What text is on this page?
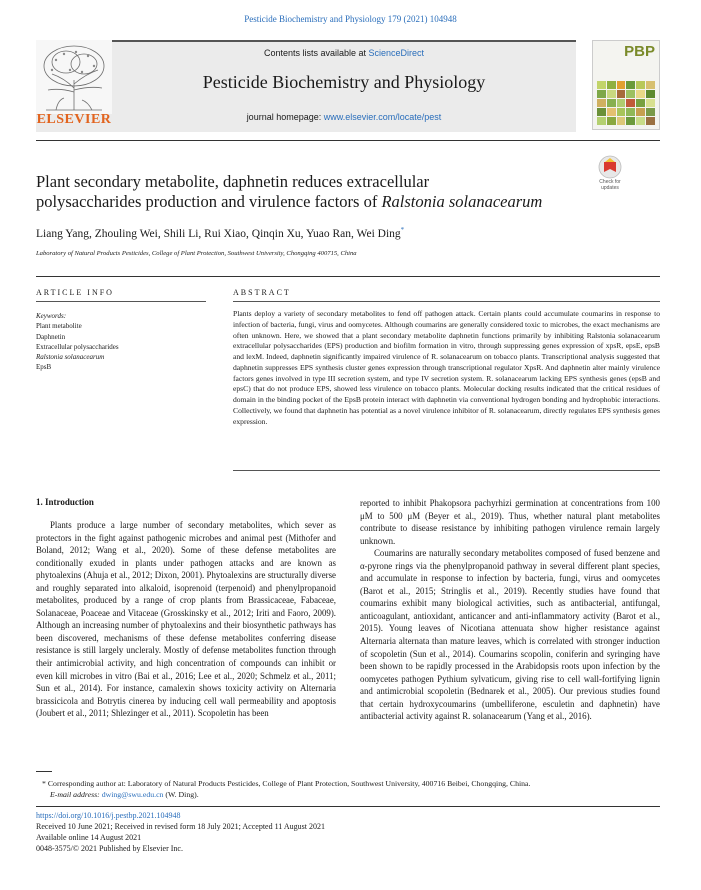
Pesticide Biochemistry and Physiology 179 (2021) 104948
ELSEVIER
Contents lists available at ScienceDirect
Pesticide Biochemistry and Physiology
journal homepage: www.elsevier.com/locate/pest
PBP
Plant secondary metabolite, daphnetin reduces extracellular
polysaccharides production and virulence factors of Ralstonia solanacearum
Check for updates
Liang Yang, Zhouling Wei, Shili Li, Rui Xiao, Qinqin Xu, Yuao Ran, Wei Ding*
Laboratory of Natural Products Pesticides, College of Plant Protection, Southwest University, Chongqing 400715, China
ARTICLE INFO	ABSTRACT
Keywords:
Plant metabolite
Daphnetin
Extracellular polysaccharides
Ralstonia solanacearum
EpsB
Plants deploy a variety of secondary metabolites to fend off pathogen attack. Certain plants could accumulate coumarins in response to infection of bacteria, fungi, virus and oomycetes. Although coumarins are generally considered toxic to microbes, the exact mechanisms are often unknown. Here, we showed that a plant secondary metabolite daphnetin functions primarily by inhibiting Ralstonia solanacearum extracellular polysaccharides (EPS) production and biofilm formation in vitro, through suppressing genes expression of xpsR, epsE, epsB and lexM. Indeed, daphnetin significantly impaired virulence of R. solanacearum on tobacco plants. Transcriptional analysis suggested that daphnetin suppresses EPS synthesis cluster genes expression through transcriptional regulator XpsR. And daphnetin alter mainly virulence factors genes involved in type III secretion system, and type IV secretion system. R. solanacearum lacking EPS synthesis genes (epsB and epsC) that do not produce EPS, showed less virulence on tobacco plants. Molecular docking results indicated that the critical residues of domain in the binding pocket of the EpsB protein interact with daphnetin via conventional hydrogen bonding and hydrophobic interactions. Collectively, we found that daphnetin has potential as a novel virulence inhibitor of R. solanacearum, directly regulates EPS synthesis genes expression.
1. Introduction

Plants produce a large number of secondary metabolites, which sever as protectors in the fight against pathogenic microbes and animal pest (Mithofer and Boland, 2012; Wang et al., 2020). Some of these defense metabolites are conditionally exuded in plants under pathogen attacks and are known as phytoalexins (Ahuja et al., 2012; Dixon, 2001). Phytoalexins are structurally diverse and roughly separated into alkaloid, isoprenoid (terpenoid) and phenylpropanoid metabolites, produced by a range of crop plants from Brassicaceae, Fabaceae, Solanaceae, Poaceae and Vitaceae (Grosskinsky et al., 2012; Iriti and Faoro, 2009). Although an increasing number of phytoalexins and their biosynthetic pathways has been discovered, mechanisms of these defense metabolites conferring disease resistance is still largely uncleraly. Mostly of defense metabolites function through their antimicrobial activity, and high concentration of compounds can inhibit or even kill microbes in vitro (Bai et al., 2016; Lee et al., 2020; Schmelz et al., 2011; Sun et al., 2014). For instance, camalexin shows toxicity activity on Alternaria brassicicola and Botrytis cinerea by inducing cell wall permeability and apoptosis (Joubert et al., 2011; Shlezinger et al., 2011). Scopoletin has been

reported to inhibit Phakopsora pachyrhizi germination at concentrations from 100 μM to 500 μM (Beyer et al., 2019). Thus, whether natural plant metabolites contribute to disease resistance by inhibiting pathogen virulence remain largely unknown.

Coumarins are naturally secondary metabolites composed of fused benzene and α-pyrone rings via the phenylpropanoid pathway in several different plant species, and accumulate in response to infection by bacteria, fungi, virus and oomycetes (Barot et al., 2015; Stringlis et al., 2019). Recently studies have found that coumarins exhibit many biological activities, such as antibacterial, antifungal, anticoagulant, antioxidant, anticancer and anti-inflammatory activity (Barot et al., 2015). Young leaves of Nicotiana attenuata show higher resistance against Alternaria alternata than mature leaves, which is correlated with stronger induction of scopoletin (Sun et al., 2014). Coumarins scopolin, coniferin and syringing have been shown to be rapidly processed in the Arabidopsis roots upon infection by the oomycetes pathogen Pythium sylvaticum, giving rise to cell wall-fortifying lignin and antimicrobial scopoletin (Bednarek et al., 2005). Our previous studies found that certain hydroxycoumarins (umbelliferone, esculetin and daphnetin) have antibacterial activity against R. solanacearum (Yang et al., 2016).

* Corresponding author at: Laboratory of Natural Products Pesticides, College of Plant Protection, Southwest University, 400716 Beibei, Chongqing, China.
E-mail address: dwing@swu.edu.cn (W. Ding).
https://doi.org/10.1016/j.pestbp.2021.104948
Received 10 June 2021; Received in revised form 18 July 2021; Accepted 11 August 2021
Available online 14 August 2021
0048-3575/© 2021 Published by Elsevier Inc.
